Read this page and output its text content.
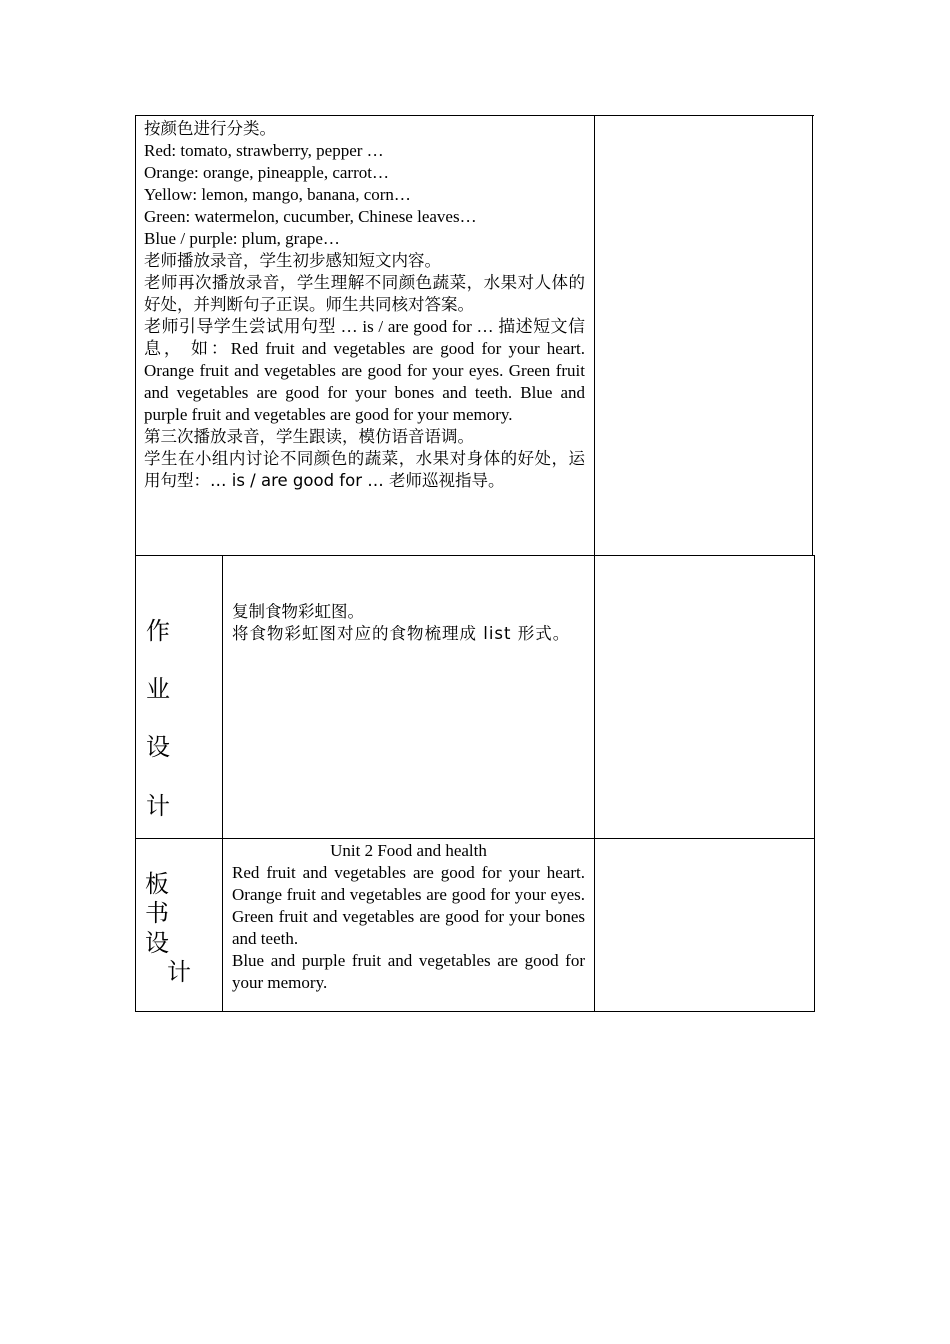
按颜色进行分类。
Red: tomato, strawberry, pepper …
Orange: orange, pineapple, carrot…
Yellow: lemon, mango, banana, corn…
Green: watermelon, cucumber, Chinese leaves…
Blue / purple: plum, grape…
老师播放录音，学生初步感知短文内容。
老师再次播放录音，学生理解不同颜色蔬菜，水果对人体的好处，并判断句子正误。师生共同核对答案。
老师引导学生尝试用句型 … is / are good for … 描述短文信息， 如：Red fruit and vegetables are good for your heart. Orange fruit and vegetables are good for your eyes. Green fruit and vegetables are good for your bones and teeth. Blue and purple fruit and vegetables are good for your memory.
第三次播放录音，学生跟读，模仿语音语调。
学生在小组内讨论不同颜色的蔬菜，水果对身体的好处，运用句型：… is / are good for … 老师巡视指导。
作
业
设
计
复制食物彩虹图。
将食物彩虹图对应的食物梳理成 list 形式。
板
书
设
计
Unit 2 Food and health
Red fruit and vegetables are good for your heart. Orange fruit and vegetables are good for your eyes. Green fruit and vegetables are good for your bones and teeth.
Blue and purple fruit and vegetables are good for your memory.
